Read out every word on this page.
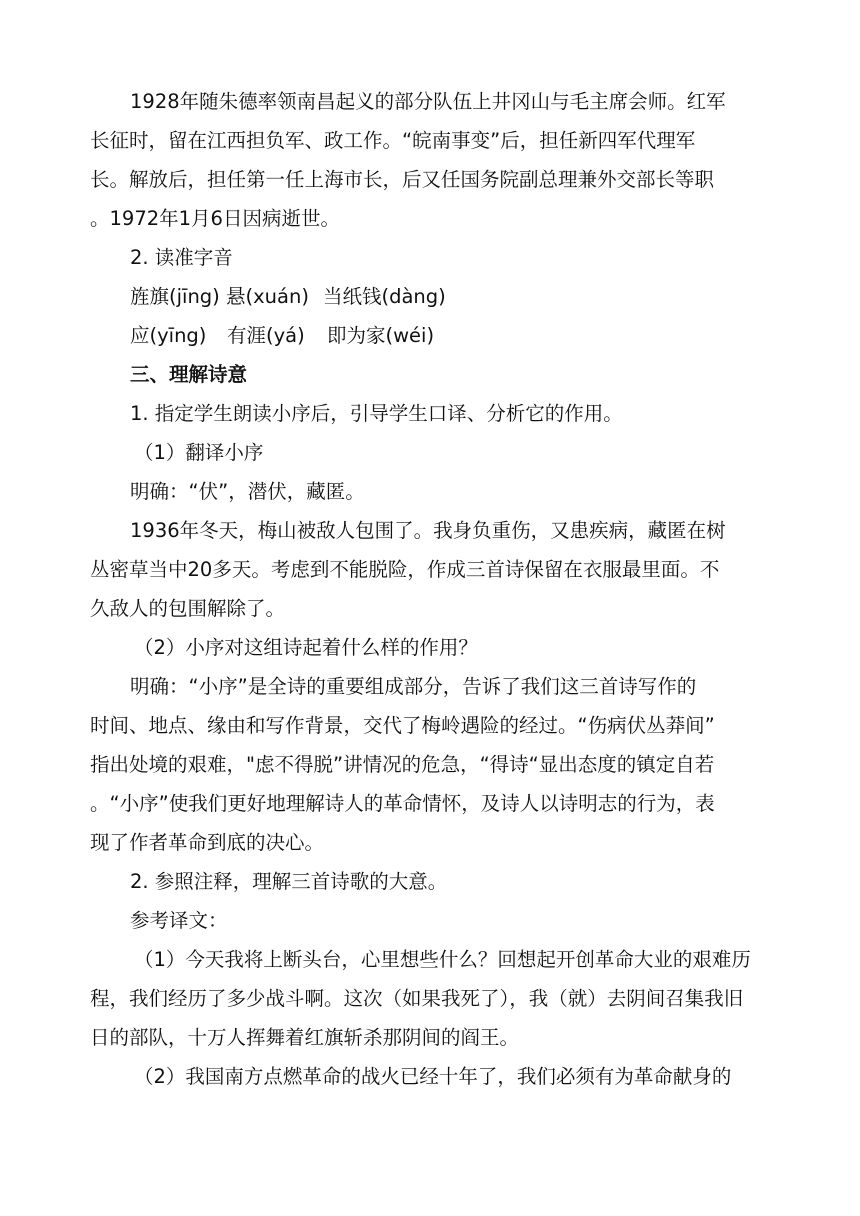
1928年随朱德率领南昌起义的部分队伍上井冈山与毛主席会师。红军
长征时，留在江西担负军、政工作。“皖南事变”后，担任新四军代理军
长。解放后，担任第一任上海市长，后又任国务院副总理兼外交部长等职
。1972年1月6日因病逝世。
2. 读准字音
旌旗(jīng) 悬(xuán) 当纸钱(dàng)
应(yīng) 有涯(yá) 即为家(wéi)
三、理解诗意
1. 指定学生朗读小序后，引导学生口译、分析它的作用。
（1）翻译小序
明确：“伏”，潜伏，藏匿。
1936年冬天，梅山被敌人包围了。我身负重伤，又患疾病，藏匿在树
丛密草当中20多天。考虑到不能脱险，作成三首诗保留在衣服最里面。不
久敌人的包围解除了。
（2）小序对这组诗起着什么样的作用？
明确：“小序”是全诗的重要组成部分，告诉了我们这三首诗写作的
时间、地点、缘由和写作背景，交代了梅岭遇险的经过。“伤病伏丛莽间”
指出处境的艰难，"虑不得脱”讲情况的危急，“得诗“显出态度的镇定自若
。“小序”使我们更好地理解诗人的革命情怀，及诗人以诗明志的行为，表
现了作者革命到底的决心。
2. 参照注释，理解三首诗歌的大意。
参考译文：
（1）今天我将上断头台，心里想些什么？回想起开创革命大业的艰难历
程，我们经历了多少战斗啊。这次（如果我死了），我（就）去阴间召集我旧
日的部队，十万人挥舞着红旗斩杀那阴间的阎王。
（2）我国南方点燃革命的战火已经十年了，我们必须有为革命献身的
